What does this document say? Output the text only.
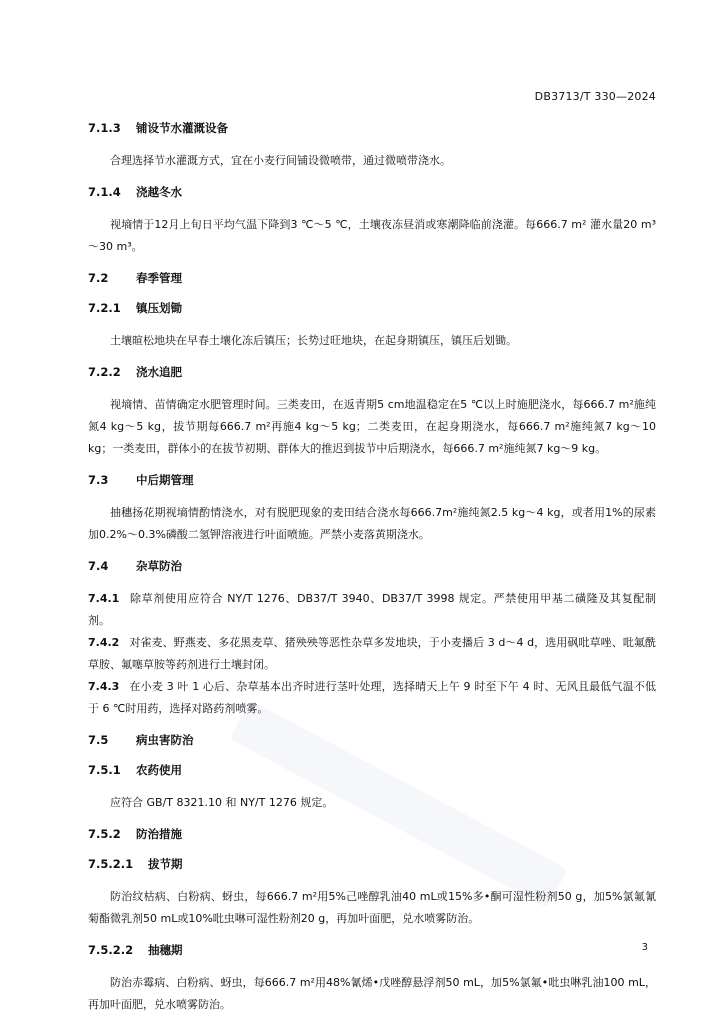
DB3713/T 330—2024
7.1.3 铺设节水灌溉设备

合理选择节水灌溉方式，宜在小麦行间铺设微喷带，通过微喷带浇水。

7.1.4 浇越冬水

视墒情于12月上旬日平均气温下降到3 ℃～5 ℃，土壤夜冻昼消或寒潮降临前浇灌。每666.7 m² 灌水量20 m³～30 m³。

7.2 春季管理
7.2.1 镇压划锄

土壤暄松地块在早春土壤化冻后镇压；长势过旺地块，在起身期镇压，镇压后划锄。

7.2.2 浇水追肥

视墒情、苗情确定水肥管理时间。三类麦田，在返青期5 cm地温稳定在5 ℃以上时施肥浇水，每666.7 m²施纯氮4 kg～5 kg，拔节期每666.7 m²再施4 kg～5 kg；二类麦田，在起身期浇水，每666.7 m²施纯氮7 kg～10 kg；一类麦田，群体小的在拔节初期、群体大的推迟到拔节中后期浇水，每666.7 m²施纯氮7 kg～9 kg。

7.3 中后期管理

抽穗扬花期视墒情酌情浇水，对有脱肥现象的麦田结合浇水每666.7m²施纯氮2.5 kg～4 kg，或者用1%的尿素加0.2%～0.3%磷酸二氢钾溶液进行叶面喷施。严禁小麦落黄期浇水。

7.4 杂草防治

7.4.1 除草剂使用应符合 NY/T 1276、DB37/T 3940、DB37/T 3998 规定。严禁使用甲基二磺隆及其复配制剂。

7.4.2 对雀麦、野燕麦、多花黑麦草、猪殃殃等恶性杂草多发地块，于小麦播后 3 d～4 d，选用砜吡草唑、吡氟酰草胺、氟噻草胺等药剂进行土壤封闭。

7.4.3 在小麦 3 叶 1 心后、杂草基本出齐时进行茎叶处理，选择晴天上午 9 时至下午 4 时、无风且最低气温不低于 6 ℃时用药，选择对路药剂喷雾。

7.5 病虫害防治
7.5.1 农药使用

应符合 GB/T 8321.10 和 NY/T 1276 规定。

7.5.2 防治措施
7.5.2.1 拔节期

防治纹枯病、白粉病、蚜虫，每666.7 m²用5%己唑醇乳油40 mL或15%多•酮可湿性粉剂50 g，加5%氯氟氰菊酯微乳剂50 mL或10%吡虫啉可湿性粉剂20 g，再加叶面肥，兑水喷雾防治。

7.5.2.2 抽穗期

防治赤霉病、白粉病、蚜虫，每666.7 m²用48%氰烯•戊唑醇悬浮剂50 mL，加5%氯氟•吡虫啉乳油100 mL，再加叶面肥，兑水喷雾防治。

3
